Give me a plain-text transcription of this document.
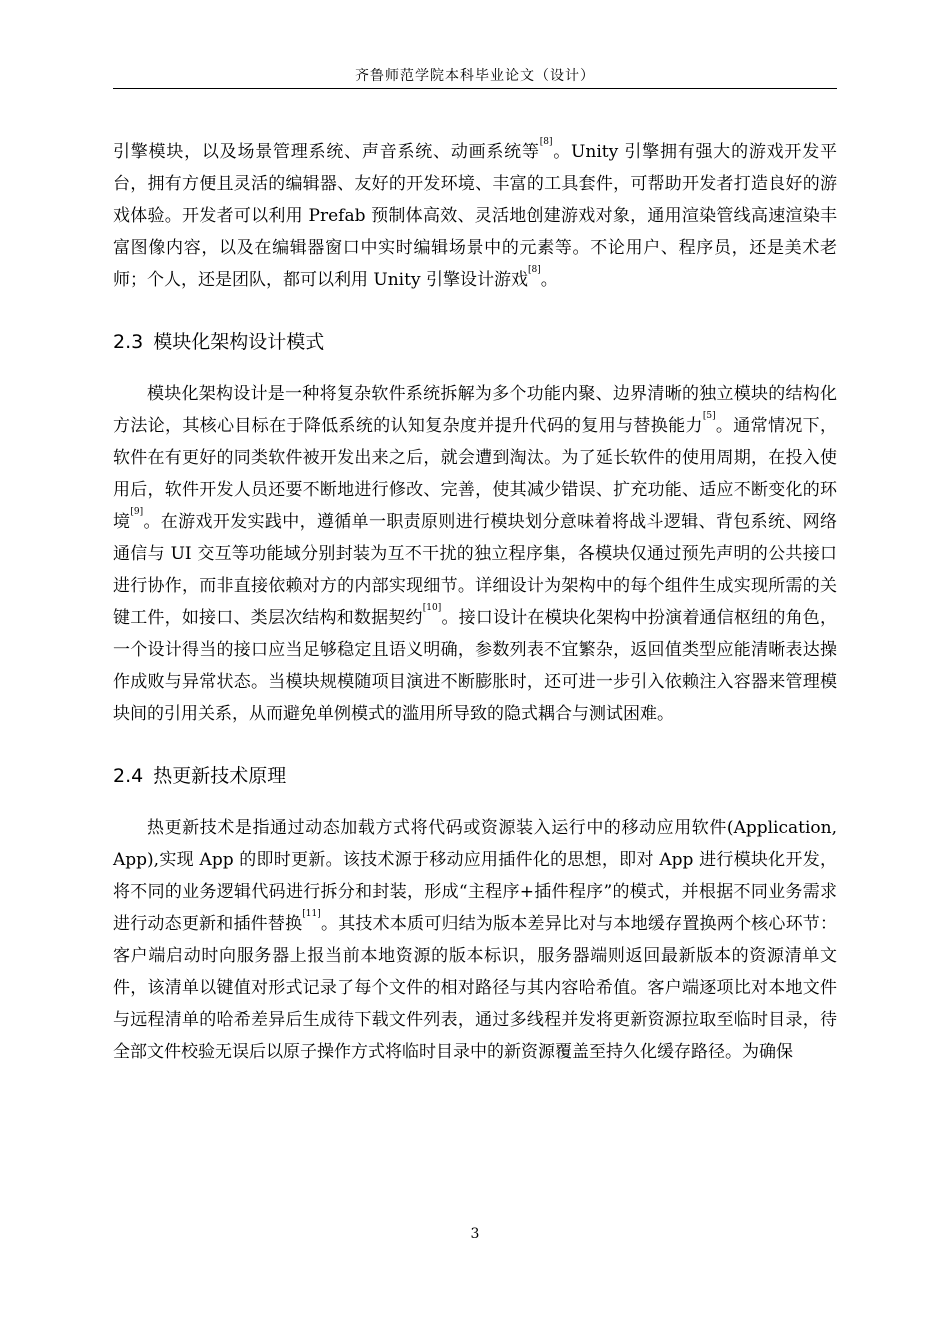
齐鲁师范学院本科毕业论文（设计）

引擎模块，以及场景管理系统、声音系统、动画系统等[8]。Unity 引擎拥有强大的游戏开发平台，拥有方便且灵活的编辑器、友好的开发环境、丰富的工具套件，可帮助开发者打造良好的游戏体验。开发者可以利用 Prefab 预制体高效、灵活地创建游戏对象，通用渲染管线高速渲染丰富图像内容，以及在编辑器窗口中实时编辑场景中的元素等。不论用户、程序员，还是美术老师；个人，还是团队，都可以利用 Unity 引擎设计游戏[8]。

2.3 模块化架构设计模式

模块化架构设计是一种将复杂软件系统拆解为多个功能内聚、边界清晰的独立模块的结构化方法论，其核心目标在于降低系统的认知复杂度并提升代码的复用与替换能力[5]。通常情况下，软件在有更好的同类软件被开发出来之后，就会遭到淘汰。为了延长软件的使用周期，在投入使用后，软件开发人员还要不断地进行修改、完善，使其减少错误、扩充功能、适应不断变化的环境[9]。在游戏开发实践中，遵循单一职责原则进行模块划分意味着将战斗逻辑、背包系统、网络通信与 UI 交互等功能域分别封装为互不干扰的独立程序集，各模块仅通过预先声明的公共接口进行协作，而非直接依赖对方的内部实现细节。详细设计为架构中的每个组件生成实现所需的关键工件，如接口、类层次结构和数据契约[10]。接口设计在模块化架构中扮演着通信枢纽的角色，一个设计得当的接口应当足够稳定且语义明确，参数列表不宜繁杂，返回值类型应能清晰表达操作成败与异常状态。当模块规模随项目演进不断膨胀时，还可进一步引入依赖注入容器来管理模块间的引用关系，从而避免单例模式的滥用所导致的隐式耦合与测试困难。

2.4 热更新技术原理

热更新技术是指通过动态加载方式将代码或资源装入运行中的移动应用软件(Application, App),实现 App 的即时更新。该技术源于移动应用插件化的思想，即对 App 进行模块化开发，将不同的业务逻辑代码进行拆分和封装，形成“主程序+插件程序”的模式，并根据不同业务需求进行动态更新和插件替换[11]。其技术本质可归结为版本差异比对与本地缓存置换两个核心环节：客户端启动时向服务器上报当前本地资源的版本标识，服务器端则返回最新版本的资源清单文件，该清单以键值对形式记录了每个文件的相对路径与其内容哈希值。客户端逐项比对本地文件与远程清单的哈希差异后生成待下载文件列表，通过多线程并发将更新资源拉取至临时目录，待全部文件校验无误后以原子操作方式将临时目录中的新资源覆盖至持久化缓存路径。为确保

3
